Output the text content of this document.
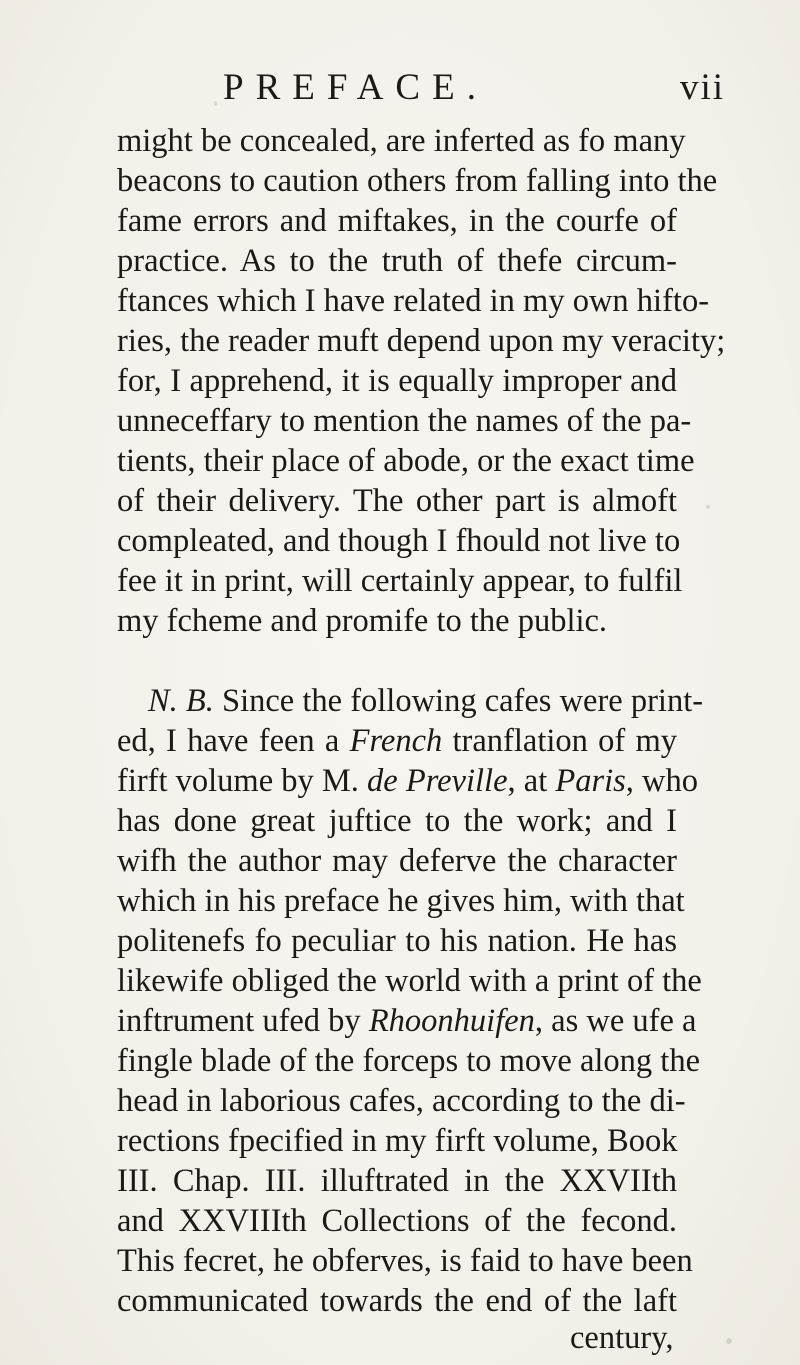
PREFACE.	vii
might be concealed, are inferted as fo many
beacons to caution others from falling into the
fame errors and miftakes, in the courfe of
practice. As to the truth of thefe circum-
ftances which I have related in my own hifto-
ries, the reader muft depend upon my veracity;
for, I apprehend, it is equally improper and
unneceffary to mention the names of the pa-
tients, their place of abode, or the exact time
of their delivery. The other part is almoft
compleated, and though I fhould not live to
fee it in print, will certainly appear, to fulfil
my fcheme and promife to the public.
N. B. Since the following cafes were print-
ed, I have feen a French tranflation of my
firft volume by M. de Preville, at Paris, who
has done great juftice to the work; and I
wifh the author may deferve the character
which in his preface he gives him, with that
politenefs fo peculiar to his nation. He has
likewife obliged the world with a print of the
inftrument ufed by Rhoonhuifen, as we ufe a
fingle blade of the forceps to move along the
head in laborious cafes, according to the di-
rections fpecified in my firft volume, Book
III. Chap. III. illuftrated in the XXVIIth
and XXVIIIth Collections of the fecond.
This fecret, he obferves, is faid to have been
communicated towards the end of the laft
century,
